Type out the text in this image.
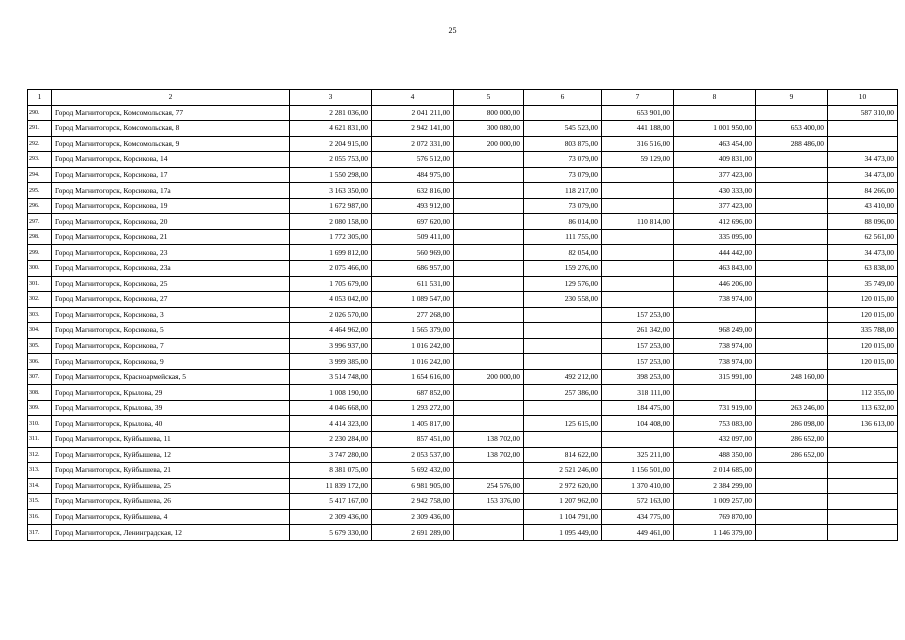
25
1	2	3	4	5	6	7	8	9	10
290.	Город Магнитогорск, Комсомольская, 77	2 281 036,00	2 041 211,00	800 000,00		653 901,00			587 310,00
291.	Город Магнитогорск, Комсомольская, 8	4 621 831,00	2 942 141,00	300 080,00	545 523,00	441 188,00	1 001 950,00	653 400,00	
292.	Город Магнитогорск, Комсомольская, 9	2 204 915,00	2 072 331,00	200 000,00	803 875,00	316 516,00	463 454,00	288 486,00	
293.	Город Магнитогорск, Корсикова, 14	2 055 753,00	576 512,00		73 079,00	59 129,00	409 831,00		34 473,00
294.	Город Магнитогорск, Корсикова, 17	1 550 298,00	484 975,00		73 079,00		377 423,00		34 473,00
295.	Город Магнитогорск, Корсикова, 17а	3 163 350,00	632 816,00		118 217,00		430 333,00		84 266,00
296.	Город Магнитогорск, Корсикова, 19	1 672 987,00	493 912,00		73 079,00		377 423,00		43 410,00
297.	Город Магнитогорск, Корсикова, 20	2 080 158,00	697 620,00		86 014,00	110 814,00	412 696,00		88 096,00
298.	Город Магнитогорск, Корсикова, 21	1 772 305,00	509 411,00		111 755,00		335 095,00		62 561,00
299.	Город Магнитогорск, Корсикова, 23	1 699 812,00	560 969,00		82 054,00		444 442,00		34 473,00
300.	Город Магнитогорск, Корсикова, 23а	2 075 466,00	686 957,00		159 276,00		463 843,00		63 838,00
301.	Город Магнитогорск, Корсикова, 25	1 705 679,00	611 531,00		129 576,00		446 206,00		35 749,00
302.	Город Магнитогорск, Корсикова, 27	4 053 042,00	1 089 547,00		230 558,00		738 974,00		120 015,00
303.	Город Магнитогорск, Корсикова, 3	2 026 570,00	277 268,00			157 253,00			120 015,00
304.	Город Магнитогорск, Корсикова, 5	4 464 962,00	1 565 379,00			261 342,00	968 249,00		335 788,00
305.	Город Магнитогорск, Корсикова, 7	3 996 937,00	1 016 242,00			157 253,00	738 974,00		120 015,00
306.	Город Магнитогорск, Корсикова, 9	3 999 385,00	1 016 242,00			157 253,00	738 974,00		120 015,00
307.	Город Магнитогорск, Красноармейская, 5	3 514 748,00	1 654 616,00	200 000,00	492 212,00	398 253,00	315 991,00	248 160,00	
308.	Город Магнитогорск, Крылова, 29	1 008 190,00	687 852,00		257 386,00	318 111,00			112 355,00
309.	Город Магнитогорск, Крылова, 39	4 046 668,00	1 293 272,00			184 475,00	731 919,00	263 246,00	113 632,00
310.	Город Магнитогорск, Крылова, 40	4 414 323,00	1 405 817,00		125 615,00	104 408,00	753 083,00	286 098,00	136 613,00
311.	Город Магнитогорск, Куйбышева, 11	2 230 284,00	857 451,00	138 702,00			432 097,00	286 652,00	
312.	Город Магнитогорск, Куйбышева, 12	3 747 280,00	2 053 537,00	138 702,00	814 622,00	325 211,00	488 350,00	286 652,00	
313.	Город Магнитогорск, Куйбышева, 21	8 381 075,00	5 692 432,00		2 521 246,00	1 156 501,00	2 014 685,00		
314.	Город Магнитогорск, Куйбышева, 25	11 839 172,00	6 981 905,00	254 576,00	2 972 620,00	1 370 410,00	2 384 299,00		
315.	Город Магнитогорск, Куйбышева, 26	5 417 167,00	2 942 758,00	153 376,00	1 207 962,00	572 163,00	1 009 257,00		
316.	Город Магнитогорск, Куйбышева, 4	2 309 436,00	2 309 436,00		1 104 791,00	434 775,00	769 870,00		
317.	Город Магнитогорск, Ленинградская, 12	5 679 330,00	2 691 289,00		1 095 449,00	449 461,00	1 146 379,00		
